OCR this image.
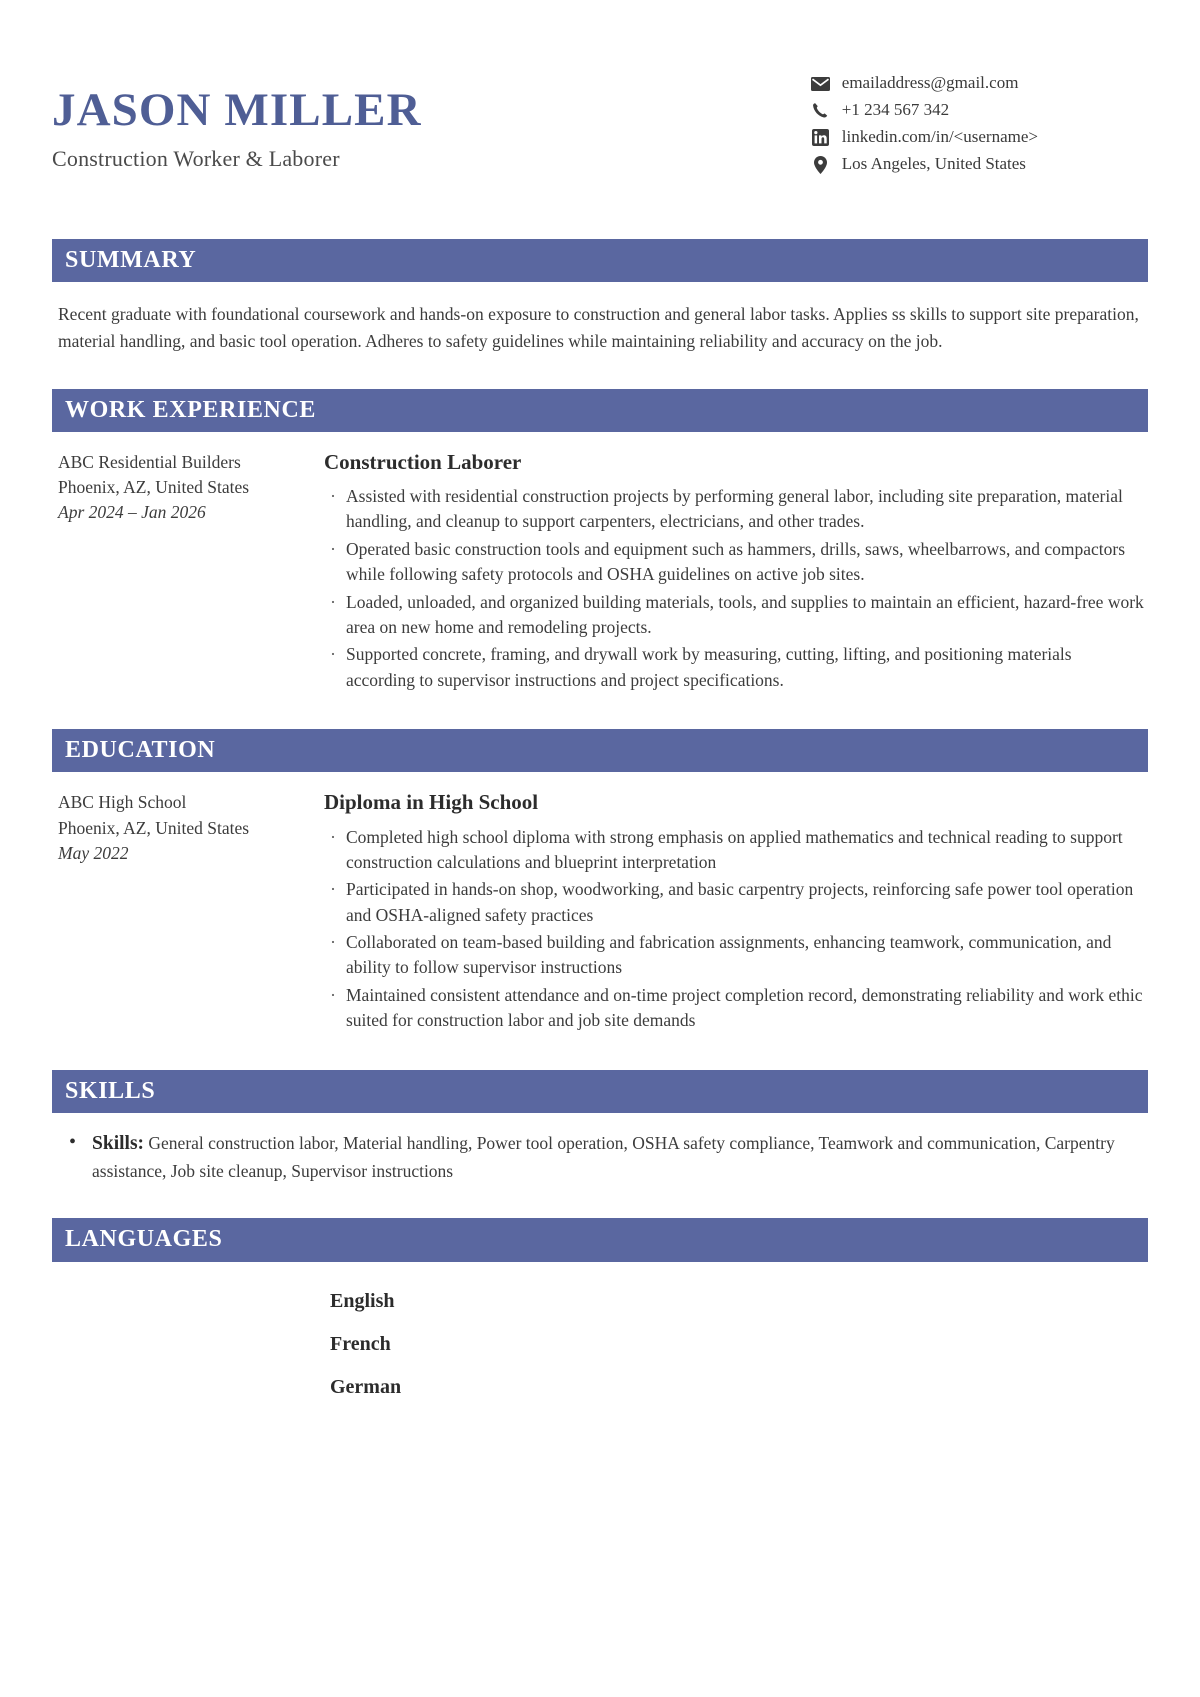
JASON MILLER
Construction Worker & Laborer
emailaddress@gmail.com
+1 234 567 342
linkedin.com/in/<username>
Los Angeles, United States
SUMMARY
Recent graduate with foundational coursework and hands-on exposure to construction and general labor tasks. Applies ss skills to support site preparation, material handling, and basic tool operation. Adheres to safety guidelines while maintaining reliability and accuracy on the job.
WORK EXPERIENCE
ABC Residential Builders
Phoenix, AZ, United States
Apr 2024 – Jan 2026
Construction Laborer
· Assisted with residential construction projects by performing general labor, including site preparation, material handling, and cleanup to support carpenters, electricians, and other trades.
· Operated basic construction tools and equipment such as hammers, drills, saws, wheelbarrows, and compactors while following safety protocols and OSHA guidelines on active job sites.
· Loaded, unloaded, and organized building materials, tools, and supplies to maintain an efficient, hazard-free work area on new home and remodeling projects.
· Supported concrete, framing, and drywall work by measuring, cutting, lifting, and positioning materials according to supervisor instructions and project specifications.
EDUCATION
ABC High School
Phoenix, AZ, United States
May 2022
Diploma in High School
· Completed high school diploma with strong emphasis on applied mathematics and technical reading to support construction calculations and blueprint interpretation
· Participated in hands-on shop, woodworking, and basic carpentry projects, reinforcing safe power tool operation and OSHA-aligned safety practices
· Collaborated on team-based building and fabrication assignments, enhancing teamwork, communication, and ability to follow supervisor instructions
· Maintained consistent attendance and on-time project completion record, demonstrating reliability and work ethic suited for construction labor and job site demands
SKILLS
• Skills: General construction labor, Material handling, Power tool operation, OSHA safety compliance, Teamwork and communication, Carpentry assistance, Job site cleanup, Supervisor instructions
LANGUAGES
English
French
German
